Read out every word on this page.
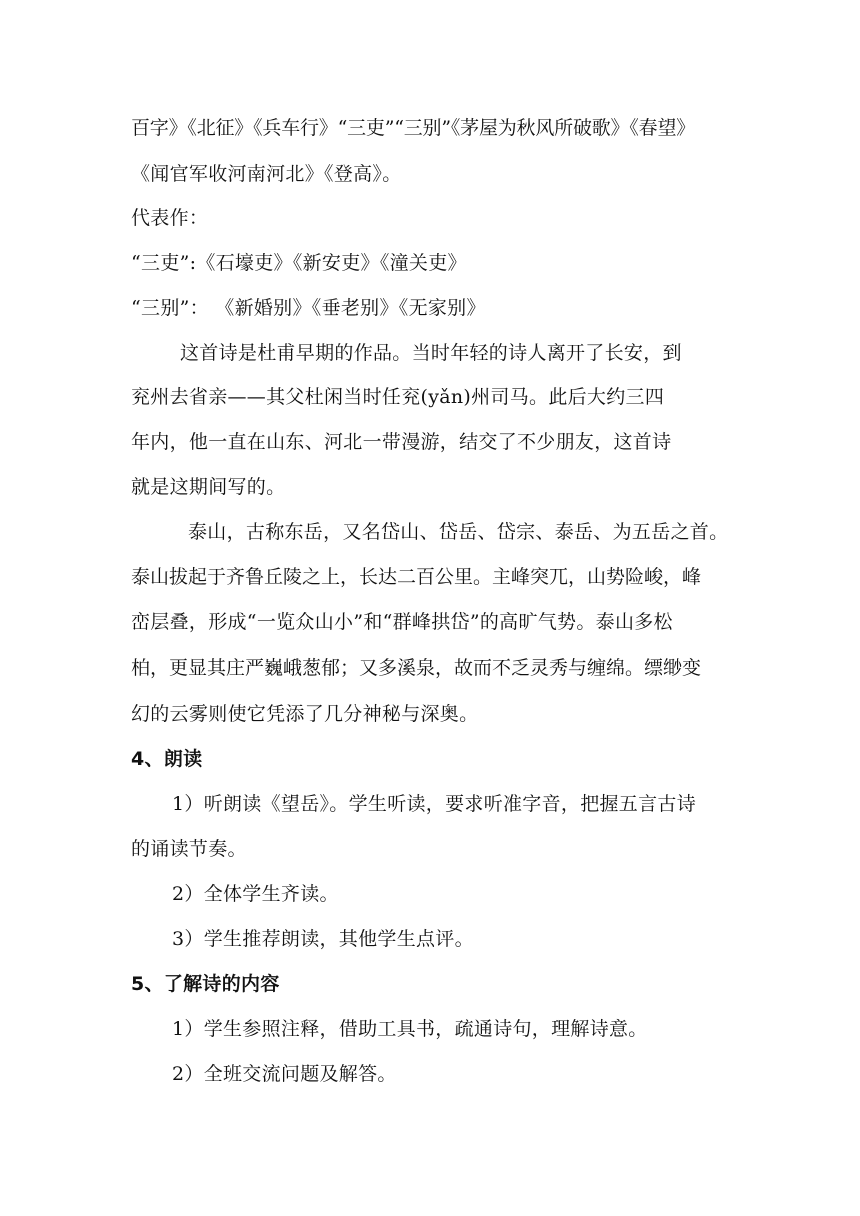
百字》《北征》《兵车行》“三吏”“三别”《茅屋为秋风所破歌》《春望》

《闻官军收河南河北》《登高》。

代表作：

“三吏”:《石壕吏》《新安吏》《潼关吏》

“三别”： 《新婚别》《垂老别》《无家别》

这首诗是杜甫早期的作品。当时年轻的诗人离开了长安，到

兖州去省亲——其父杜闲当时任兖(yǎn)州司马。此后大约三四

年内，他一直在山东、河北一带漫游，结交了不少朋友，这首诗

就是这期间写的。

泰山，古称东岳，又名岱山、岱岳、岱宗、泰岳、为五岳之首。

泰山拔起于齐鲁丘陵之上，长达二百公里。主峰突兀，山势险峻，峰

峦层叠，形成“一览众山小”和“群峰拱岱”的高旷气势。泰山多松

柏，更显其庄严巍峨葱郁；又多溪泉，故而不乏灵秀与缠绵。缥缈变

幻的云雾则使它凭添了几分神秘与深奥。

4、朗读

1）听朗读《望岳》。学生听读，要求听准字音，把握五言古诗

的诵读节奏。

2）全体学生齐读。

3）学生推荐朗读，其他学生点评。

5、了解诗的内容

1）学生参照注释，借助工具书，疏通诗句，理解诗意。

2）全班交流问题及解答。
